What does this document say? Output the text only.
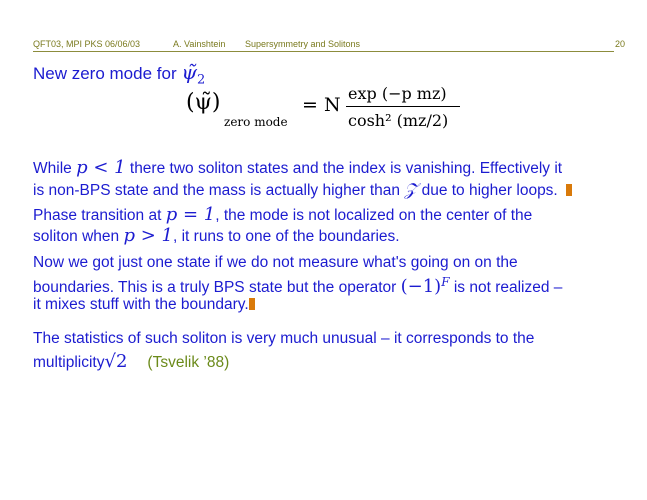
QFT03, MPI PKS 06/06/03	A. Vainshtein Supersymmetry and Solitons	20
New zero mode for $\psĩ_2$
(ψ̃)
zero mode
= N
exp (−p mz)
cosh² (mz/2)
While p < 1 there two soliton states and the index is vanishing. Effectively it
is non-BPS state and the mass is actually higher than 𝒵 due to higher loops.
Phase transition at p = 1, the mode is not localized on the center of the
soliton when p > 1, it runs to one of the boundaries.
Now we got just one state if we do not measure what's going on on the
boundaries. This is a truly BPS state but the operator $(-1)^F$ is not realized –
it mixes stuff with the boundary.
The statistics of such soliton is very much unusual – it corresponds to the
multiplicity√2 (Tsvelik ’88)
